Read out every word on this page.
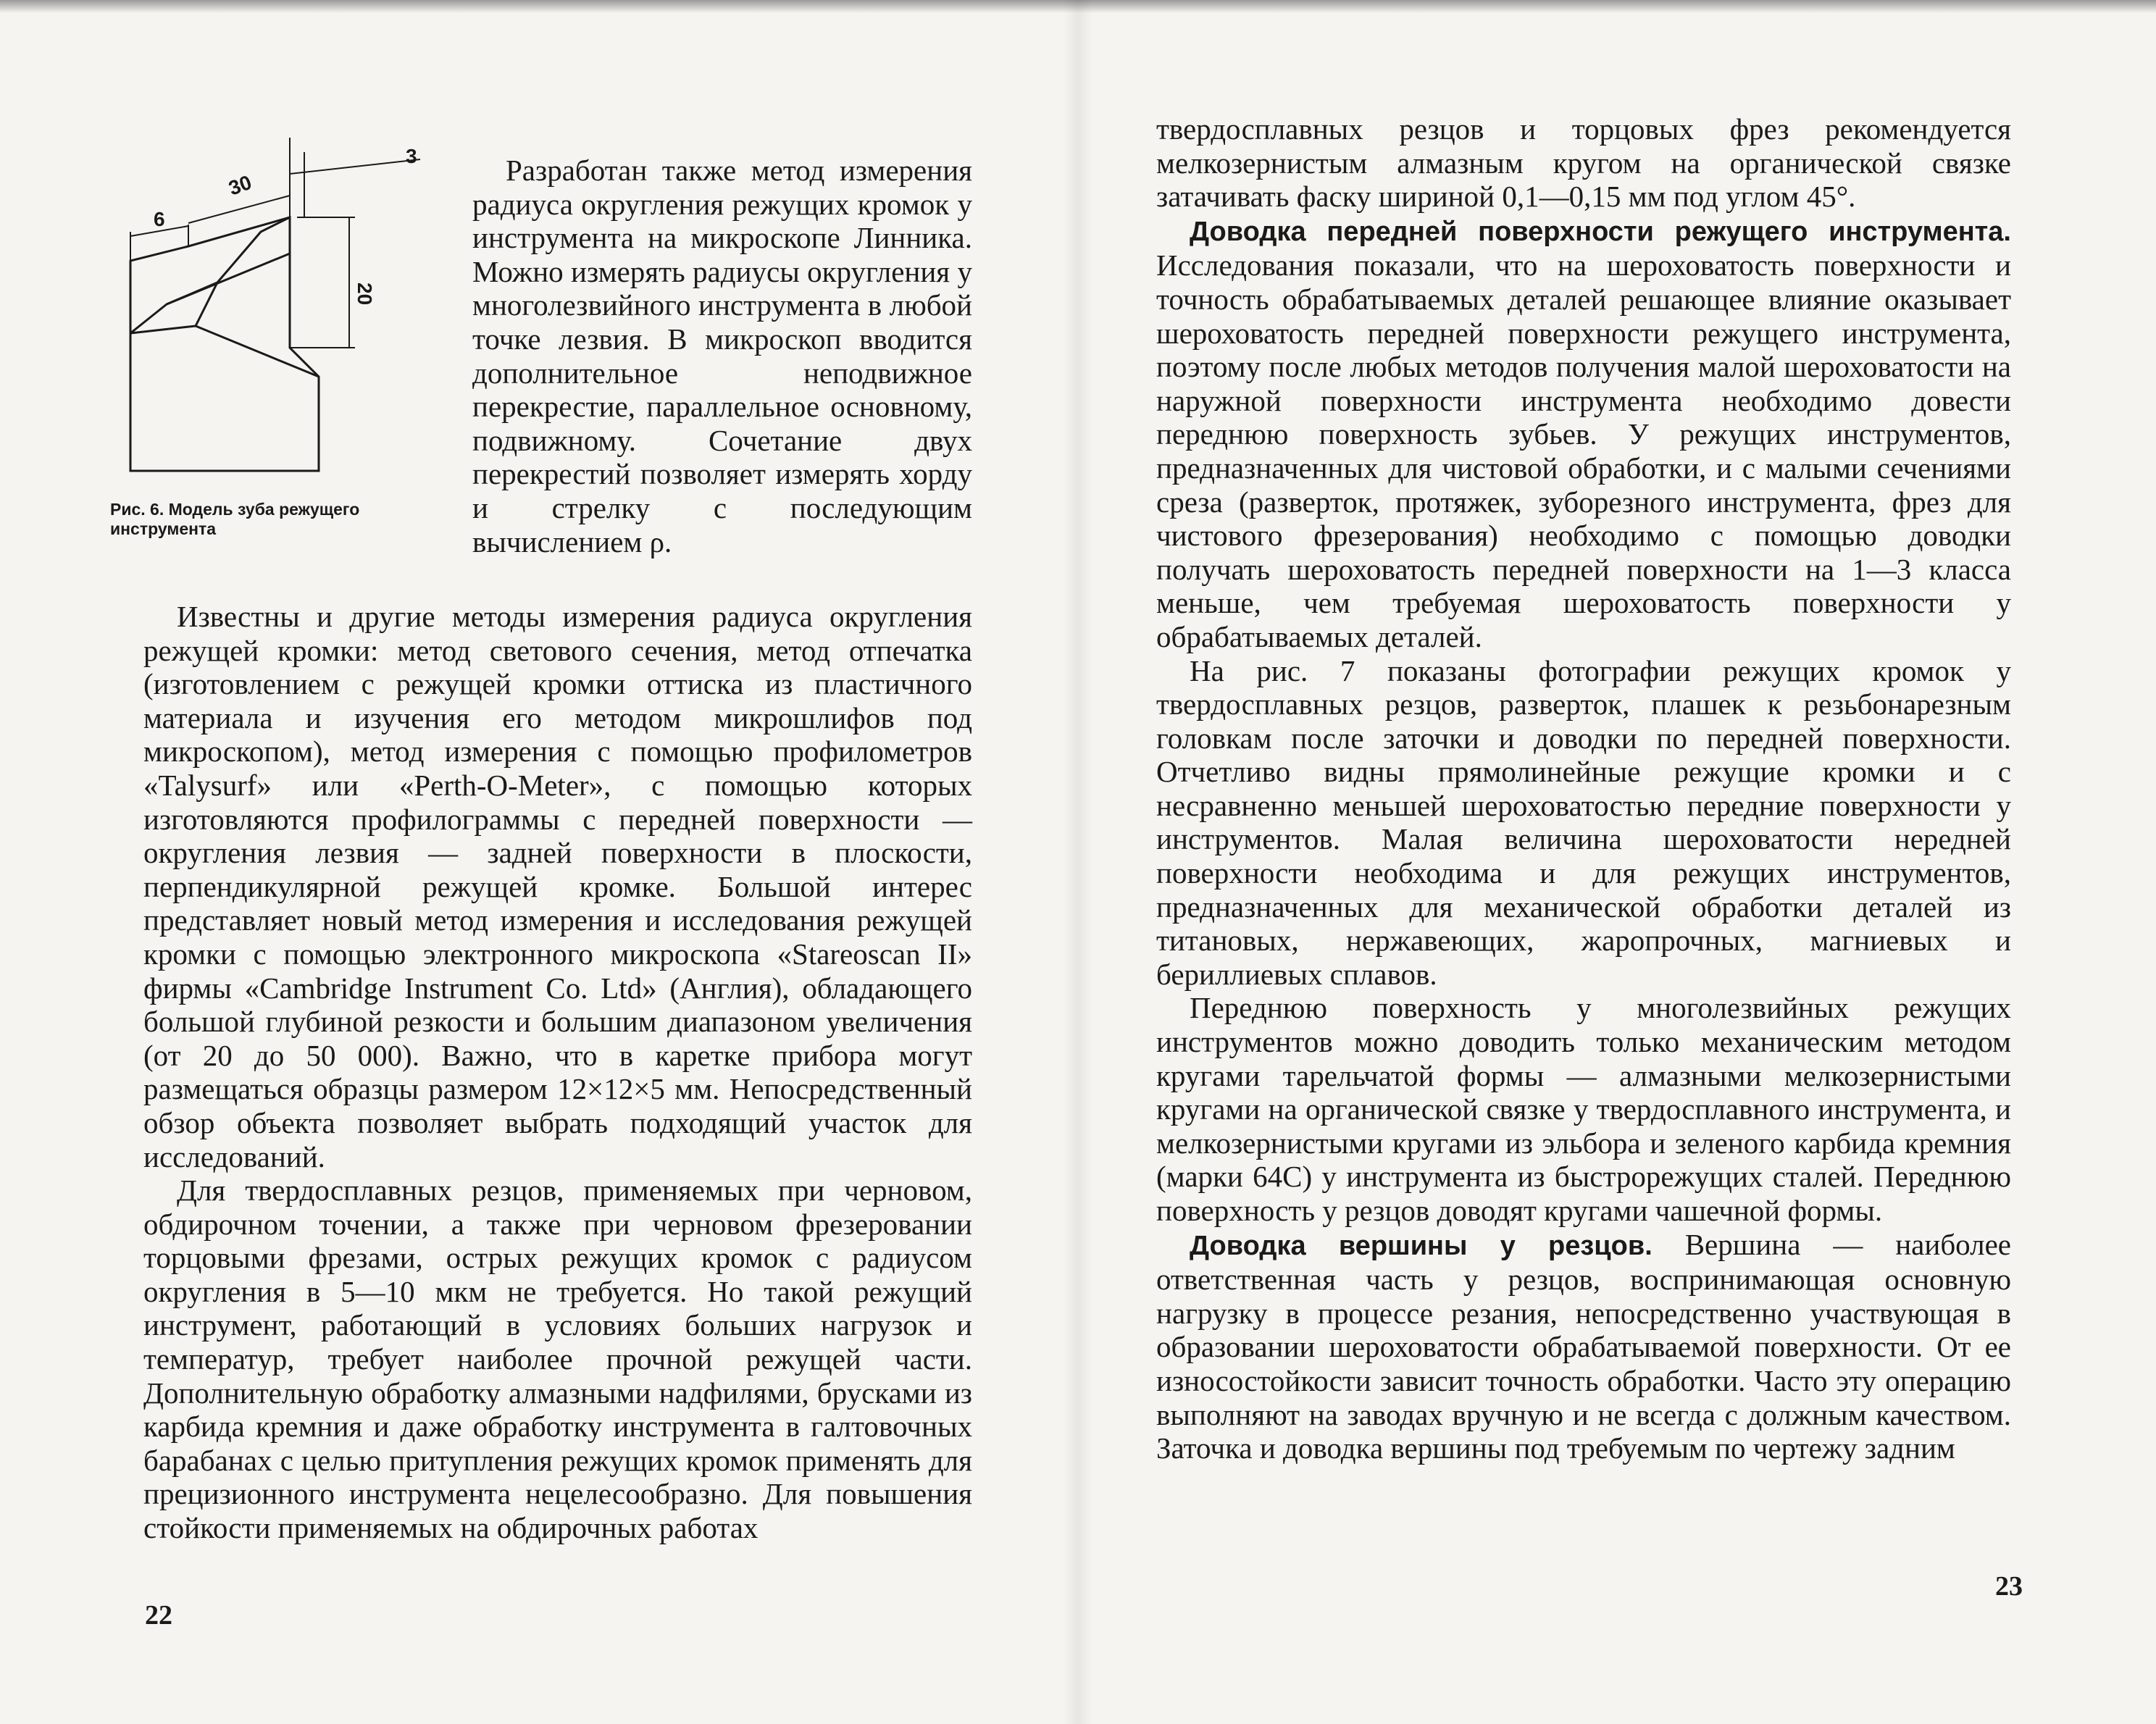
6
30
3
20
Рис. 6. Модель зуба режущего инструмента

Разработан также метод измерения радиуса округления режущих кромок у инструмента на микроскопе Линника. Можно измерять радиусы округления у многолезвийного инструмента в любой точке лезвия. В микроскоп вводится дополнительное неподвижное перекрестие, параллельное основному, подвижному. Сочетание двух перекрестий позволяет измерять хорду и стрелку с последующим вычислением ρ.

Известны и другие методы измерения радиуса округления режущей кромки: метод светового сечения, метод отпечатка (изготовлением с режущей кромки оттиска из пластичного материала и изучения его методом микрошлифов под микроскопом), метод измерения с помощью профилометров «Talysurf» или «Perth-O-Meter», с помощью которых изготовляются профилограммы с передней поверхности — округления лезвия — задней поверхности в плоскости, перпендикулярной режущей кромке. Большой интерес представляет новый метод измерения и исследования режущей кромки с помощью электронного микроскопа «Stareoscan II» фирмы «Cambridge Instrument Co. Ltd» (Англия), обладающего большой глубиной резкости и большим диапазоном увеличения (от 20 до 50 000). Важно, что в каретке прибора могут размещаться образцы размером 12×12×5 мм. Непосредственный обзор объекта позволяет выбрать подходящий участок для исследований.

Для твердосплавных резцов, применяемых при черновом, обдирочном точении, а также при черновом фрезеровании торцовыми фрезами, острых режущих кромок с радиусом округления в 5—10 мкм не требуется. Но такой режущий инструмент, работающий в условиях больших нагрузок и температур, требует наиболее прочной режущей части. Дополнительную обработку алмазными надфилями, брусками из карбида кремния и даже обработку инструмента в галтовочных барабанах с целью притупления режущих кромок применять для прецизионного инструмента нецелесообразно. Для повышения стойкости применяемых на обдирочных работах

22

твердосплавных резцов и торцовых фрез рекомендуется мелкозернистым алмазным кругом на органической связке затачивать фаску шириной 0,1—0,15 мм под углом 45°.

Доводка передней поверхности режущего инструмента. Исследования показали, что на шероховатость поверхности и точность обрабатываемых деталей решающее влияние оказывает шероховатость передней поверхности режущего инструмента, поэтому после любых методов получения малой шероховатости на наружной поверхности инструмента необходимо довести переднюю поверхность зубьев. У режущих инструментов, предназначенных для чистовой обработки, и с малыми сечениями среза (разверток, протяжек, зуборезного инструмента, фрез для чистового фрезерования) необходимо с помощью доводки получать шероховатость передней поверхности на 1—3 класса меньше, чем требуемая шероховатость поверхности у обрабатываемых деталей.

На рис. 7 показаны фотографии режущих кромок у твердосплавных резцов, разверток, плашек к резьбонарезным головкам после заточки и доводки по передней поверхности. Отчетливо видны прямолинейные режущие кромки и с несравненно меньшей шероховатостью передние поверхности у инструментов. Малая величина шероховатости нередней поверхности необходима и для режущих инструментов, предназначенных для механической обработки деталей из титановых, нержавеющих, жаропрочных, магниевых и бериллиевых сплавов.

Переднюю поверхность у многолезвийных режущих инструментов можно доводить только механическим методом кругами тарельчатой формы — алмазными мелкозернистыми кругами на органической связке у твердосплавного инструмента, и мелкозернистыми кругами из эльбора и зеленого карбида кремния (марки 64С) у инструмента из быстрорежущих сталей. Переднюю поверхность у резцов доводят кругами чашечной формы.

Доводка вершины у резцов. Вершина — наиболее ответственная часть у резцов, воспринимающая основную нагрузку в процессе резания, непосредственно участвующая в образовании шероховатости обрабатываемой поверхности. От ее износостойкости зависит точность обработки. Часто эту операцию выполняют на заводах вручную и не всегда с должным качеством. Заточка и доводка вершины под требуемым по чертежу задним

23
